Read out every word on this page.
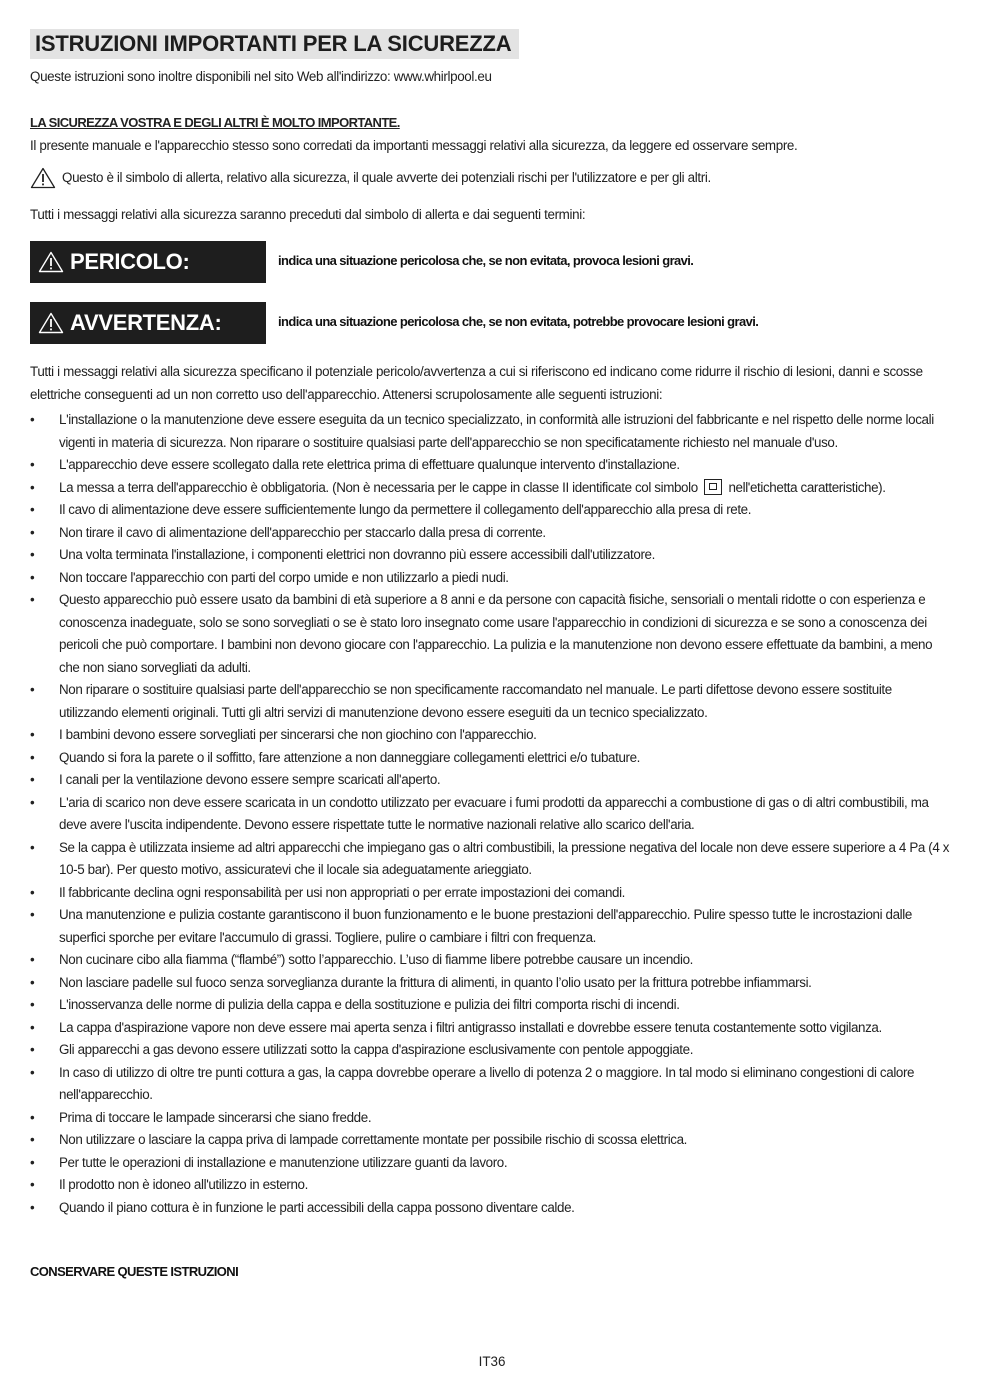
ISTRUZIONI IMPORTANTI PER LA SICUREZZA
Queste istruzioni sono inoltre disponibili nel sito Web all'indirizzo: www.whirlpool.eu
LA SICUREZZA VOSTRA E DEGLI ALTRI È MOLTO IMPORTANTE.
Il presente manuale e l'apparecchio stesso sono corredati da importanti messaggi relativi alla sicurezza, da leggere ed osservare sempre.
Questo è il simbolo di allerta, relativo alla sicurezza, il quale avverte dei potenziali rischi per l'utilizzatore e per gli altri.
Tutti i messaggi relativi alla sicurezza saranno preceduti dal simbolo di allerta e dai seguenti termini:
PERICOLO:	indica una situazione pericolosa che, se non evitata, provoca lesioni gravi.
AVVERTENZA:	indica una situazione pericolosa che, se non evitata, potrebbe provocare lesioni gravi.
Tutti i messaggi relativi alla sicurezza specificano il potenziale pericolo/avvertenza a cui si riferiscono ed indicano come ridurre il rischio di lesioni, danni e scosse elettriche conseguenti ad un non corretto uso dell'apparecchio. Attenersi scrupolosamente alle seguenti istruzioni:
• L'installazione o la manutenzione deve essere eseguita da un tecnico specializzato, in conformità alle istruzioni del fabbricante e nel rispetto delle norme locali vigenti in materia di sicurezza. Non riparare o sostituire qualsiasi parte dell'apparecchio se non specificatamente richiesto nel manuale d'uso.
• L'apparecchio deve essere scollegato dalla rete elettrica prima di effettuare qualunque intervento d'installazione.
• La messa a terra dell'apparecchio è obbligatoria. (Non è necessaria per le cappe in classe II identificate col simbolo nell'etichetta caratteristiche).
• Il cavo di alimentazione deve essere sufficientemente lungo da permettere il collegamento dell'apparecchio alla presa di rete.
• Non tirare il cavo di alimentazione dell'apparecchio per staccarlo dalla presa di corrente.
• Una volta terminata l'installazione, i componenti elettrici non dovranno più essere accessibili dall'utilizzatore.
• Non toccare l'apparecchio con parti del corpo umide e non utilizzarlo a piedi nudi.
• Questo apparecchio può essere usato da bambini di età superiore a 8 anni e da persone con capacità fisiche, sensoriali o mentali ridotte o con esperienza e conoscenza inadeguate, solo se sono sorvegliati o se è stato loro insegnato come usare l'apparecchio in condizioni di sicurezza e se sono a conoscenza dei pericoli che può comportare. I bambini non devono giocare con l'apparecchio. La pulizia e la manutenzione non devono essere effettuate da bambini, a meno che non siano sorvegliati da adulti.
• Non riparare o sostituire qualsiasi parte dell'apparecchio se non specificamente raccomandato nel manuale. Le parti difettose devono essere sostituite utilizzando elementi originali. Tutti gli altri servizi di manutenzione devono essere eseguiti da un tecnico specializzato.
• I bambini devono essere sorvegliati per sincerarsi che non giochino con l'apparecchio.
• Quando si fora la parete o il soffitto, fare attenzione a non danneggiare collegamenti elettrici e/o tubature.
• I canali per la ventilazione devono essere sempre scaricati all'aperto.
• L'aria di scarico non deve essere scaricata in un condotto utilizzato per evacuare i fumi prodotti da apparecchi a combustione di gas o di altri combustibili, ma deve avere l'uscita indipendente. Devono essere rispettate tutte le normative nazionali relative allo scarico dell'aria.
• Se la cappa è utilizzata insieme ad altri apparecchi che impiegano gas o altri combustibili, la pressione negativa del locale non deve essere superiore a 4 Pa (4 x 10-5 bar). Per questo motivo, assicuratevi che il locale sia adeguatamente arieggiato.
• Il fabbricante declina ogni responsabilità per usi non appropriati o per errate impostazioni dei comandi.
• Una manutenzione e pulizia costante garantiscono il buon funzionamento e le buone prestazioni dell'apparecchio. Pulire spesso tutte le incrostazioni dalle superfici sporche per evitare l'accumulo di grassi. Togliere, pulire o cambiare i filtri con frequenza.
• Non cucinare cibo alla fiamma (“flambé”) sotto l’apparecchio. L’uso di fiamme libere potrebbe causare un incendio.
• Non lasciare padelle sul fuoco senza sorveglianza durante la frittura di alimenti, in quanto l’olio usato per la frittura potrebbe infiammarsi.
• L'inosservanza delle norme di pulizia della cappa e della sostituzione e pulizia dei filtri comporta rischi di incendi.
• La cappa d'aspirazione vapore non deve essere mai aperta senza i filtri antigrasso installati e dovrebbe essere tenuta costantemente sotto vigilanza.
• Gli apparecchi a gas devono essere utilizzati sotto la cappa d'aspirazione esclusivamente con pentole appoggiate.
• In caso di utilizzo di oltre tre punti cottura a gas, la cappa dovrebbe operare a livello di potenza 2 o maggiore. In tal modo si eliminano congestioni di calore nell'apparecchio.
• Prima di toccare le lampade sincerarsi che siano fredde.
• Non utilizzare o lasciare la cappa priva di lampade correttamente montate per possibile rischio di scossa elettrica.
• Per tutte le operazioni di installazione e manutenzione utilizzare guanti da lavoro.
• Il prodotto non è idoneo all'utilizzo in esterno.
• Quando il piano cottura è in funzione le parti accessibili della cappa possono diventare calde.
CONSERVARE QUESTE ISTRUZIONI
IT36
